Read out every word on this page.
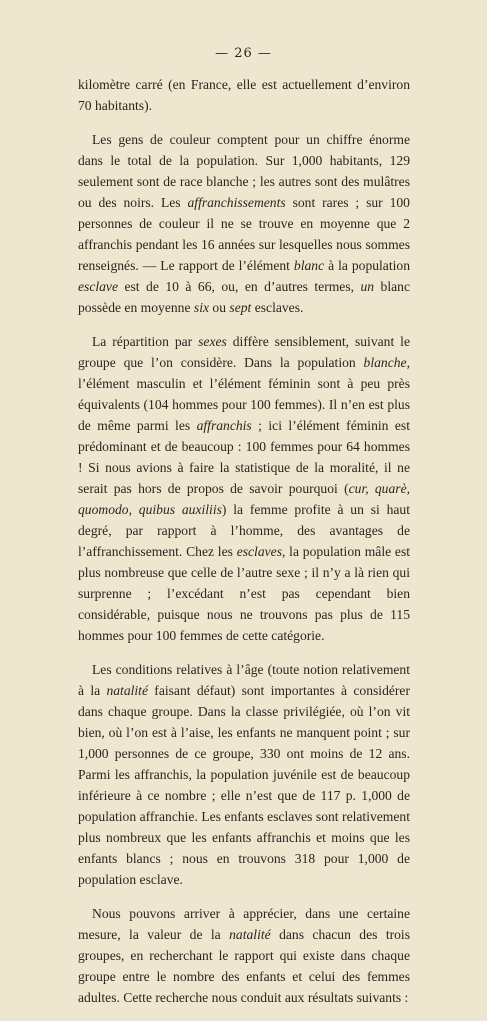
— 26 —

kilomètre carré (en France, elle est actuellement d’environ 70 habitants).

Les gens de couleur comptent pour un chiffre énorme dans le total de la population. Sur 1,000 habitants, 129 seulement sont de race blanche ; les autres sont des mulâtres ou des noirs. Les affranchissements sont rares ; sur 100 personnes de couleur il ne se trouve en moyenne que 2 affranchis pendant les 16 années sur lesquelles nous sommes renseignés. — Le rapport de l’élément blanc à la population esclave est de 10 à 66, ou, en d’autres termes, un blanc possède en moyenne six ou sept esclaves.

La répartition par sexes diffère sensiblement, suivant le groupe que l’on considère. Dans la population blanche, l’élément masculin et l’élément féminin sont à peu près équivalents (104 hommes pour 100 femmes). Il n’en est plus de même parmi les affranchis ; ici l’élément féminin est prédominant et de beaucoup : 100 femmes pour 64 hommes ! Si nous avions à faire la statistique de la moralité, il ne serait pas hors de propos de savoir pourquoi (cur, quarè, quomodo, quibus auxiliis) la femme profite à un si haut degré, par rapport à l’homme, des avantages de l’affranchissement. Chez les esclaves, la population mâle est plus nombreuse que celle de l’autre sexe ; il n’y a là rien qui surprenne ; l’excédant n’est pas cependant bien considérable, puisque nous ne trouvons pas plus de 115 hommes pour 100 femmes de cette catégorie.

Les conditions relatives à l’âge (toute notion relativement à la natalité faisant défaut) sont importantes à considérer dans chaque groupe. Dans la classe privilégiée, où l’on vit bien, où l’on est à l’aise, les enfants ne manquent point ; sur 1,000 personnes de ce groupe, 330 ont moins de 12 ans. Parmi les affranchis, la population juvénile est de beaucoup inférieure à ce nombre ; elle n’est que de 117 p. 1,000 de population affranchie. Les enfants esclaves sont relativement plus nombreux que les enfants affranchis et moins que les enfants blancs ; nous en trouvons 318 pour 1,000 de population esclave.

Nous pouvons arriver à apprécier, dans une certaine mesure, la valeur de la natalité dans chacun des trois groupes, en recherchant le rapport qui existe dans chaque groupe entre le nombre des enfants et celui des femmes adultes. Cette recherche nous conduit aux résultats suivants :
